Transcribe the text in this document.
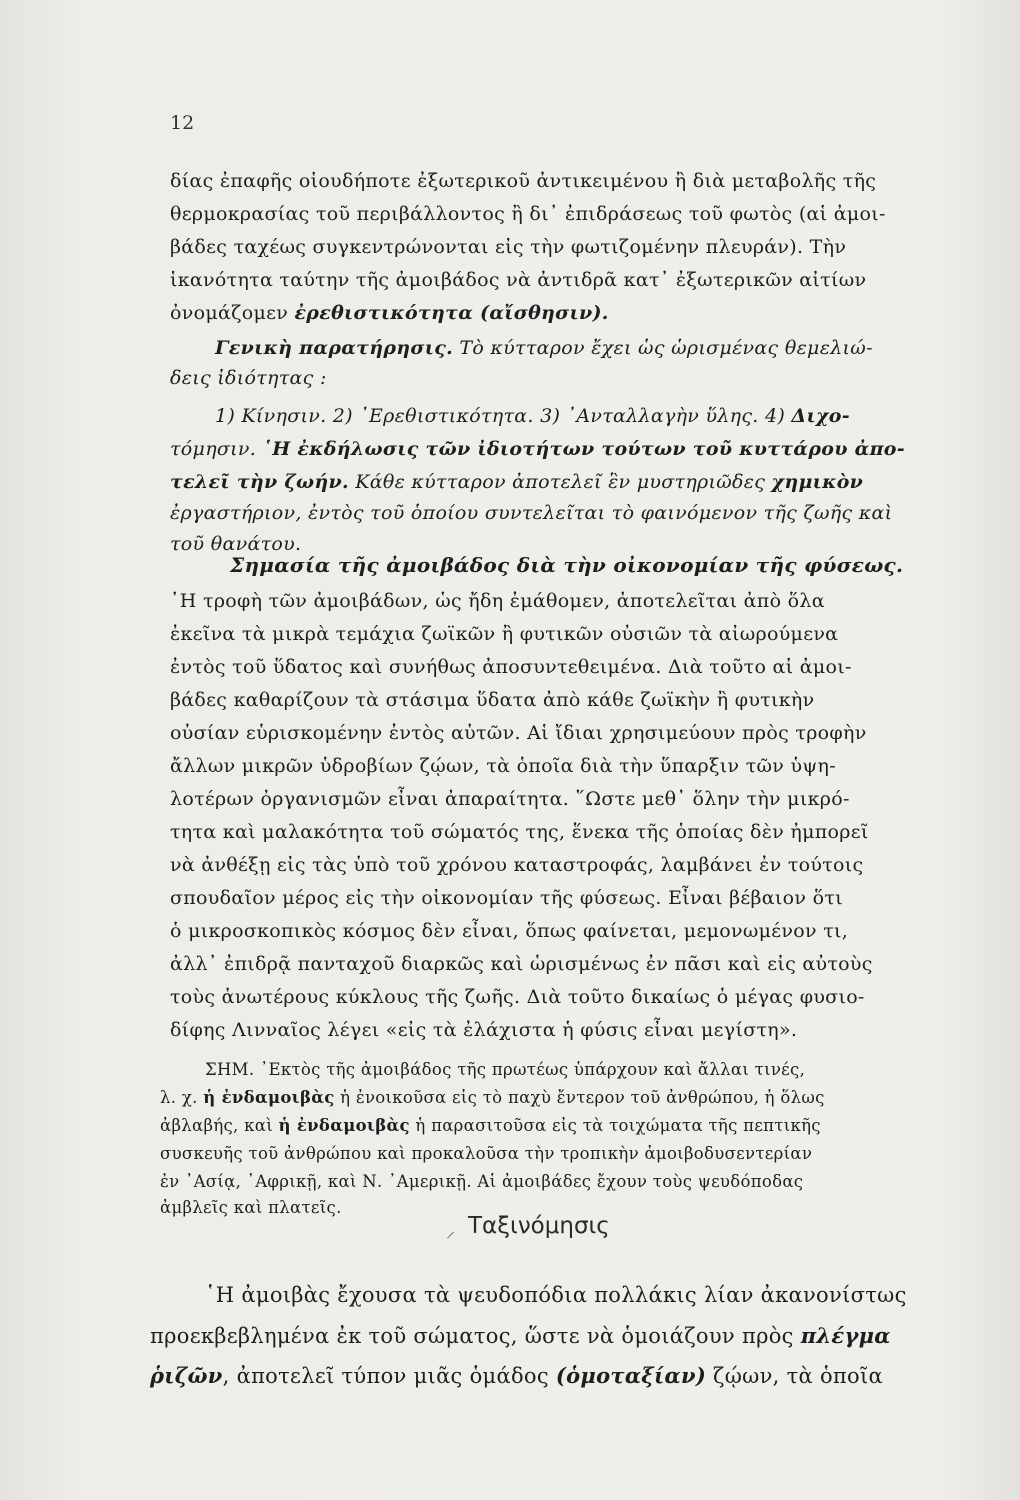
12
δίας ἐπαφῆς οἱουδήποτε ἐξωτερικοῦ ἀντικειμένου ἢ διὰ μεταβολῆς τῆς
θερμοκρασίας τοῦ περιβάλλοντος ἢ δι᾿ ἐπιδράσεως τοῦ φωτὸς (αἱ ἀμοι-
βάδες ταχέως συγκεντρώνονται εἰς τὴν φωτιζομένην πλευράν). Τὴν
ἱκανότητα ταύτην τῆς ἀμοιβάδος νὰ ἀντιδρᾶ κατ᾿ ἐξωτερικῶν αἰτίων
ὀνομάζομεν ἐρεθιστικότητα (αἴσθησιν).
Γενικὴ παρατήρησις. Τὸ κύτταρον ἔχει ὡς ὡρισμένας θεμελιώ-
δεις ἰδιότητας :
1) Κίνησιν. 2) ᾿Ερεθιστικότητα. 3) ᾿Ανταλλαγὴν ὕλης. 4) Διχο-
τόμησιν. ῾Η ἐκδήλωσις τῶν ἰδιοτήτων τούτων τοῦ κυττάρου ἀπο-
τελεῖ τὴν ζωήν. Κάθε κύτταρον ἀποτελεῖ ἓν μυστηριῶδες χημικὸν
ἐργαστήριον, ἐντὸς τοῦ ὁποίου συντελεῖται τὸ φαινόμενον τῆς ζωῆς καὶ
τοῦ θανάτου.
Σημασία τῆς ἀμοιβάδος διὰ τὴν οἰκονομίαν τῆς φύσεως.
῾Η τροφὴ τῶν ἀμοιβάδων, ὡς ἤδη ἐμάθομεν, ἀποτελεῖται ἀπὸ ὅλα
ἐκεῖνα τὰ μικρὰ τεμάχια ζωϊκῶν ἢ φυτικῶν οὐσιῶν τὰ αἰωρούμενα
ἐντὸς τοῦ ὕδατος καὶ συνήθως ἀποσυντεθειμένα. Διὰ τοῦτο αἱ ἀμοι-
βάδες καθαρίζουν τὰ στάσιμα ὕδατα ἀπὸ κάθε ζωϊκὴν ἢ φυτικὴν
οὐσίαν εὑρισκομένην ἐντὸς αὐτῶν. Αἱ ἴδιαι χρησιμεύουν πρὸς τροφὴν
ἄλλων μικρῶν ὑδροβίων ζῴων, τὰ ὁποῖα διὰ τὴν ὕπαρξιν τῶν ὑψη-
λοτέρων ὀργανισμῶν εἶναι ἀπαραίτητα. ῞Ωστε μεθ᾿ ὅλην τὴν μικρό-
τητα καὶ μαλακότητα τοῦ σώματός της, ἕνεκα τῆς ὁποίας δὲν ἠμπορεῖ
νὰ ἀνθέξῃ εἰς τὰς ὑπὸ τοῦ χρόνου καταστροφάς, λαμβάνει ἐν τούτοις
σπουδαῖον μέρος εἰς τὴν οἰκονομίαν τῆς φύσεως. Εἶναι βέβαιον ὅτι
ὁ μικροσκοπικὸς κόσμος δὲν εἶναι, ὅπως φαίνεται, μεμονωμένον τι,
ἀλλ᾿ ἐπιδρᾷ πανταχοῦ διαρκῶς καὶ ὡρισμένως ἐν πᾶσι καὶ εἰς αὐτοὺς
τοὺς ἀνωτέρους κύκλους τῆς ζωῆς. Διὰ τοῦτο δικαίως ὁ μέγας φυσιο-
δίφης Λινναῖος λέγει «εἰς τὰ ἐλάχιστα ἡ φύσις εἶναι μεγίστη».
ΣΗΜ. ᾿Εκτὸς τῆς ἀμοιβάδος τῆς πρωτέως ὑπάρχουν καὶ ἄλλαι τινές,
λ. χ. ἡ ἐνδαμοιβὰς ἡ ἐνοικοῦσα εἰς τὸ παχὺ ἔντερον τοῦ ἀνθρώπου, ἡ ὅλως
ἀβλαβής, καὶ ἡ ἐνδαμοιβὰς ἡ παρασιτοῦσα εἰς τὰ τοιχώματα τῆς πεπτικῆς
συσκευῆς τοῦ ἀνθρώπου καὶ προκαλοῦσα τὴν τροπικὴν ἀμοιβοδυσεντερίαν
ἐν ᾿Ασίᾳ, ᾿Αφρικῇ, καὶ Ν. ᾿Αμερικῇ. Αἱ ἀμοιβάδες ἔχουν τοὺς ψευδόποδας
ἀμβλεῖς καὶ πλατεῖς.
⸝ Ταξινόμησις
῾Η ἀμοιβὰς ἔχουσα τὰ ψευδοπόδια πολλάκις λίαν ἀκανονίστως
προεκβεβλημένα ἐκ τοῦ σώματος, ὥστε νὰ ὁμοιάζουν πρὸς πλέγμα
ῥιζῶν, ἀποτελεῖ τύπον μιᾶς ὁμάδος (ὁμοταξίαν) ζῴων, τὰ ὁποῖα
